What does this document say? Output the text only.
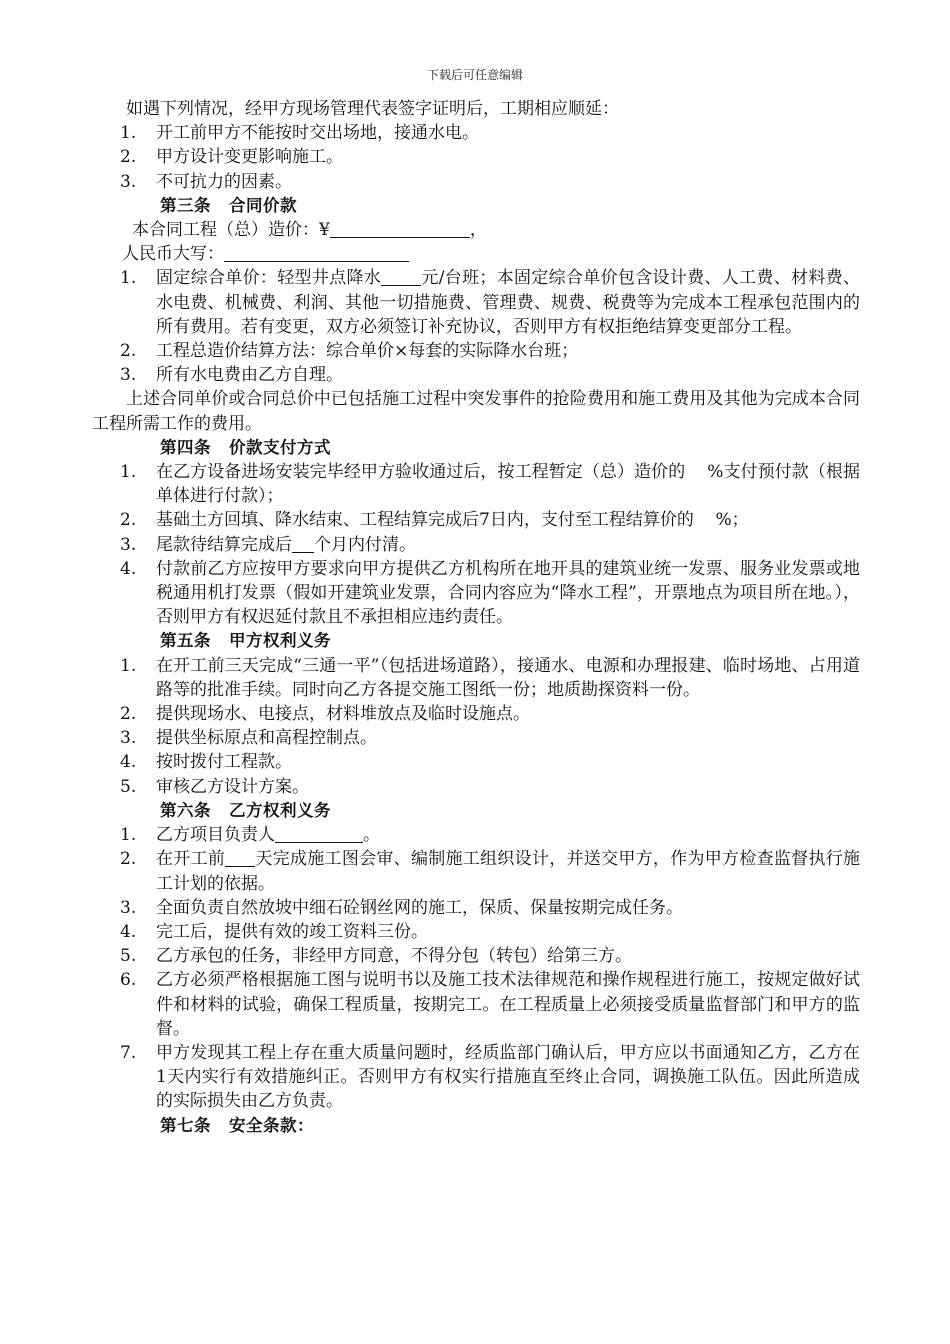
下载后可任意编辑

如遇下列情况，经甲方现场管理代表签字证明后，工期相应顺延：

1.	开工前甲方不能按时交出场地，接通水电。
2.	甲方设计变更影响施工。
3.	不可抗力的因素。

第三条 合同价款

本合同工程（总）造价：¥	，

人民币大写：

1.	固定综合单价：轻型井点降水 元/台班；本固定综合单价包含设计费、人工费、材料费、水电费、机械费、利润、其他一切措施费、管理费、规费、税费等为完成本工程承包范围内的所有费用。若有变更，双方必须签订补充协议，否则甲方有权拒绝结算变更部分工程。
2.	工程总造价结算方法：综合单价×每套的实际降水台班；
3.	所有水电费由乙方自理。

上述合同单价或合同总价中已包括施工过程中突发事件的抢险费用和施工费用及其他为完成本合同工程所需工作的费用。

第四条 价款支付方式

1.	在乙方设备进场安装完毕经甲方验收通过后，按工程暂定（总）造价的 %支付预付款（根据单体进行付款）；
2.	基础土方回填、降水结束、工程结算完成后7日内，支付至工程结算价的 %；
3.	尾款待结算完成后 个月内付清。
4.	付款前乙方应按甲方要求向甲方提供乙方机构所在地开具的建筑业统一发票、服务业发票或地税通用机打发票（假如开建筑业发票，合同内容应为“降水工程”，开票地点为项目所在地。），否则甲方有权迟延付款且不承担相应违约责任。

第五条 甲方权利义务

1.	在开工前三天完成“三通一平”（包括进场道路），接通水、电源和办理报建、临时场地、占用道路等的批准手续。同时向乙方各提交施工图纸一份；地质勘探资料一份。
2.	提供现场水、电接点，材料堆放点及临时设施点。
3.	提供坐标原点和高程控制点。
4.	按时拨付工程款。
5.	审核乙方设计方案。

第六条 乙方权利义务

1.	乙方项目负责人	。
2.	在开工前 天完成施工图会审、编制施工组织设计，并送交甲方，作为甲方检查监督执行施工计划的依据。
3.	全面负责自然放坡中细石砼钢丝网的施工，保质、保量按期完成任务。
4.	完工后，提供有效的竣工资料三份。
5.	乙方承包的任务，非经甲方同意，不得分包（转包）给第三方。
6.	乙方必须严格根据施工图与说明书以及施工技术法律规范和操作规程进行施工，按规定做好试件和材料的试验，确保工程质量，按期完工。在工程质量上必须接受质量监督部门和甲方的监督。
7.	甲方发现其工程上存在重大质量问题时，经质监部门确认后，甲方应以书面通知乙方，乙方在 1天内实行有效措施纠正。否则甲方有权实行措施直至终止合同，调换施工队伍。因此所造成的实际损失由乙方负责。

第七条 安全条款：
